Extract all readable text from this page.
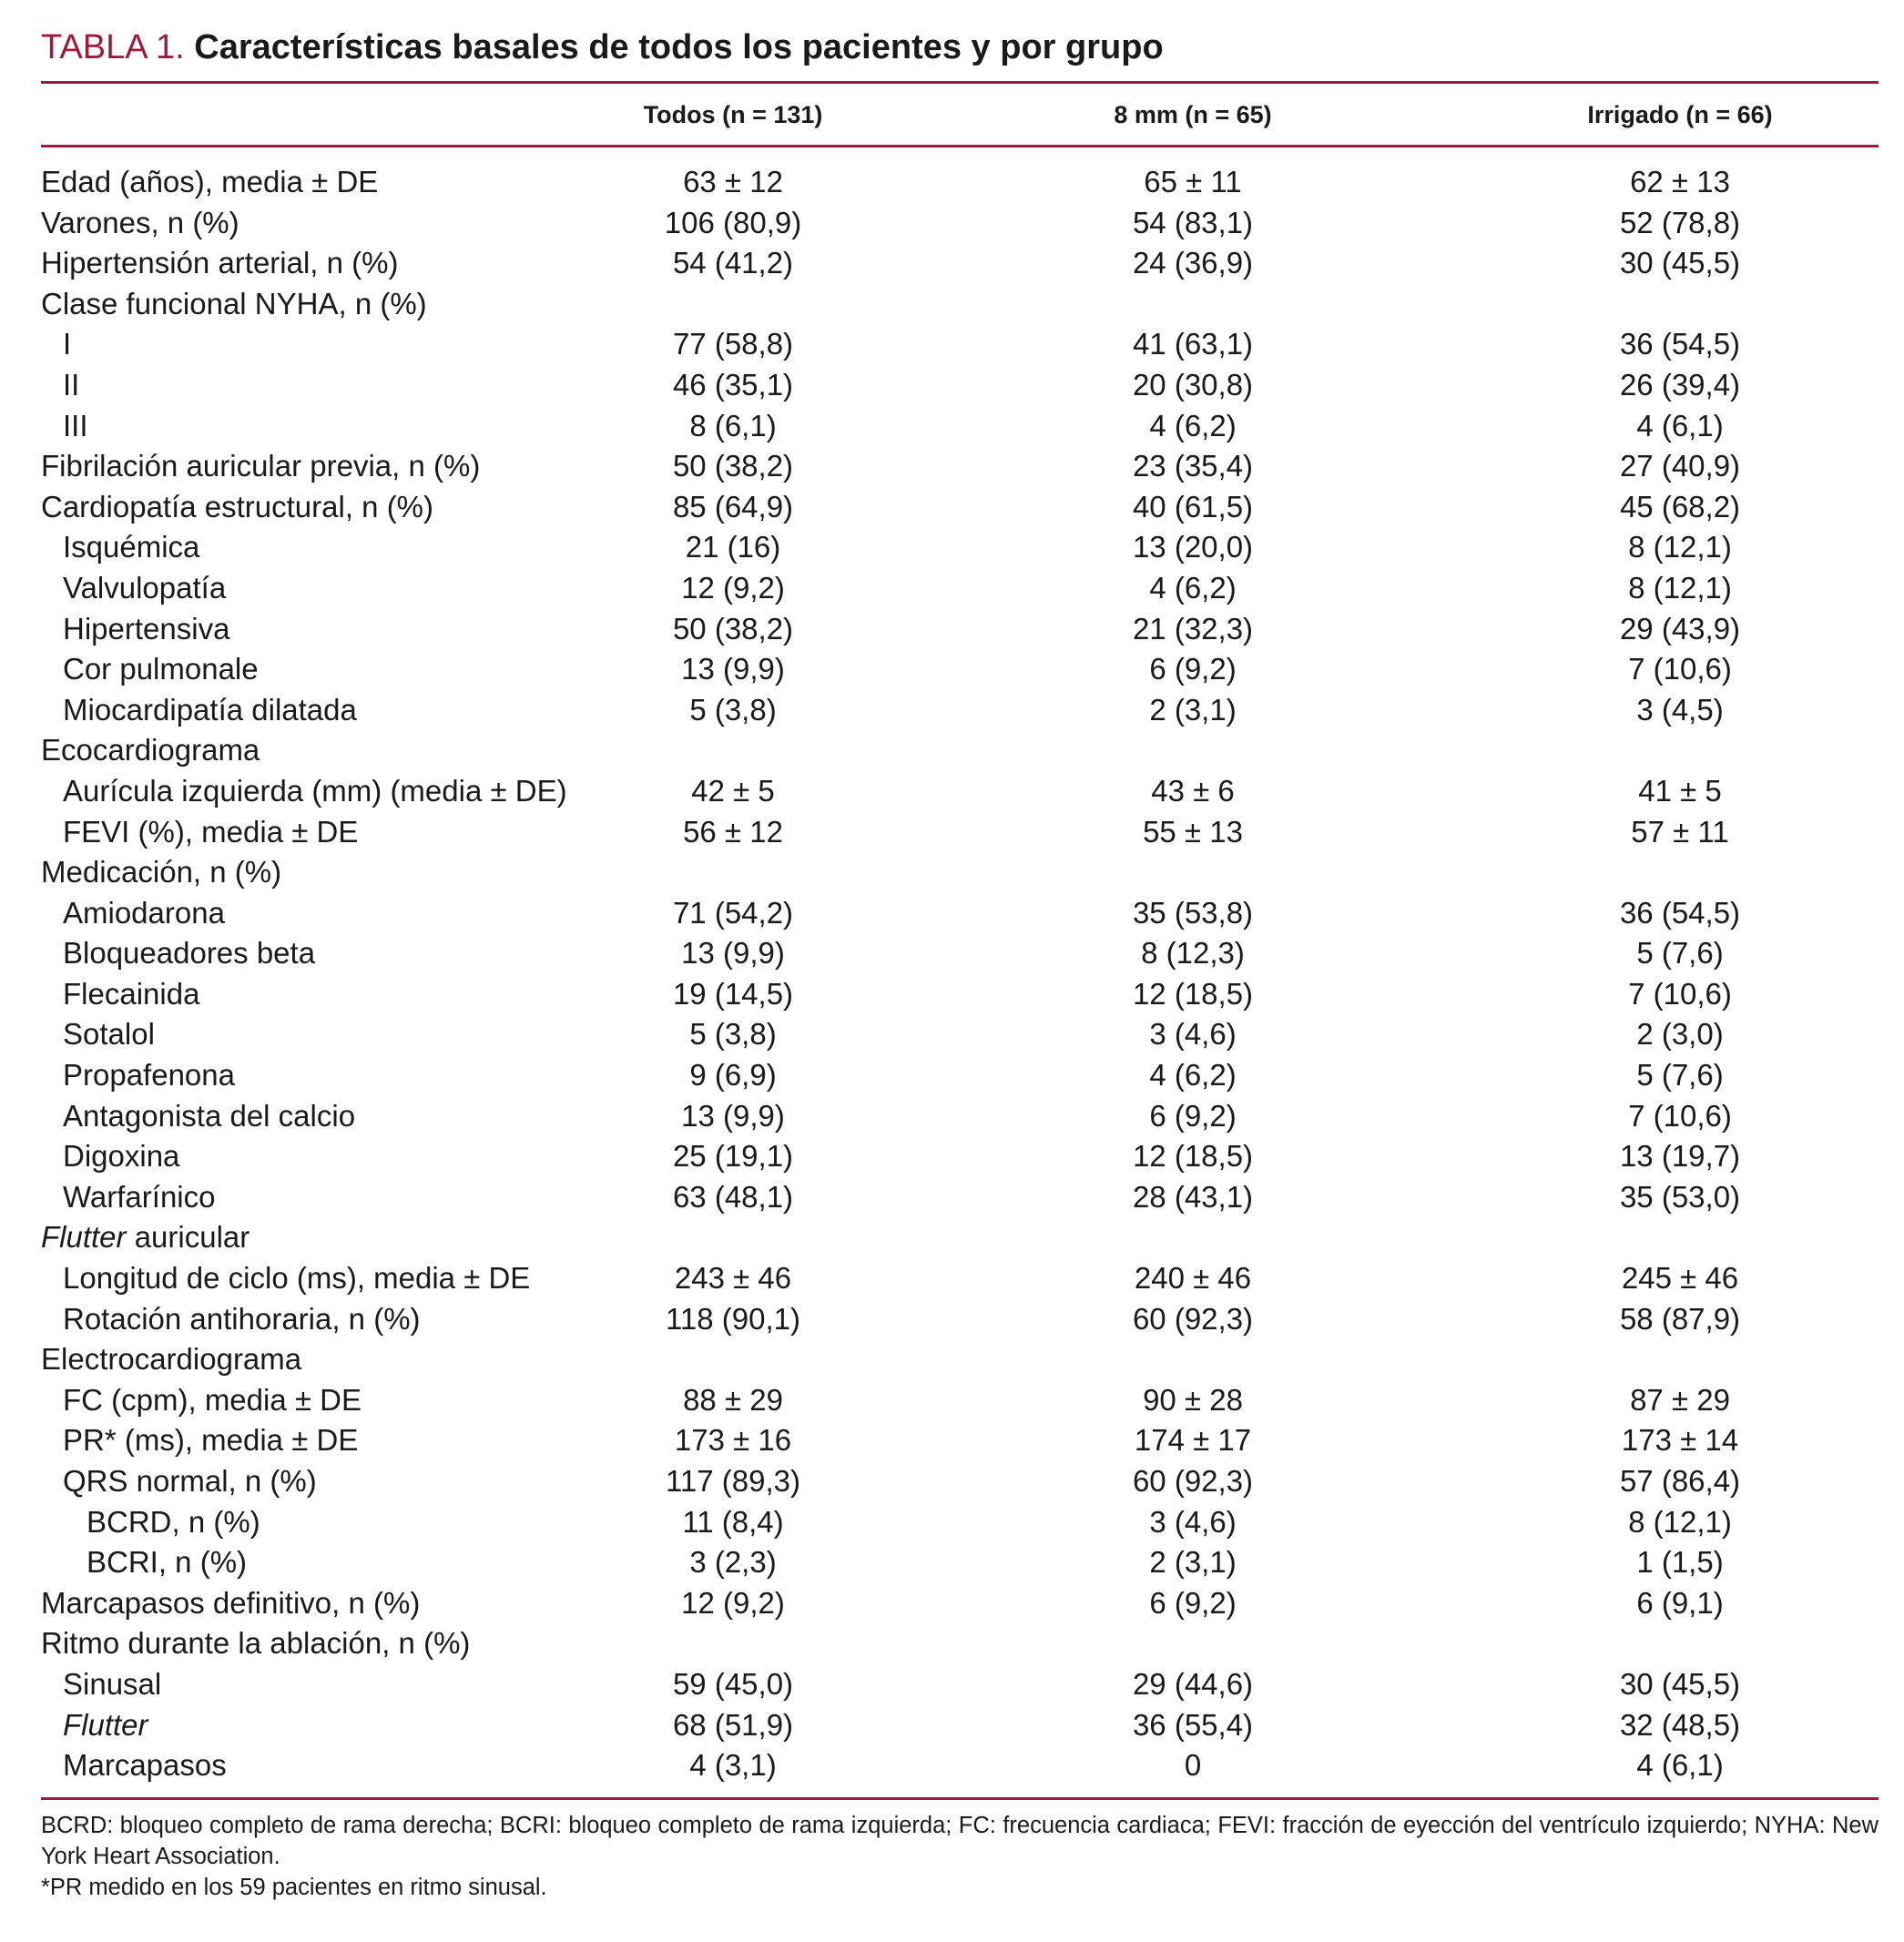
TABLA 1. Características basales de todos los pacientes y por grupo
Todos (n = 131)	8 mm (n = 65)	Irrigado (n = 66)
Edad (años), media ± DE	63 ± 12	65 ± 11	62 ± 13
Varones, n (%)	106 (80,9)	54 (83,1)	52 (78,8)
Hipertensión arterial, n (%)	54 (41,2)	24 (36,9)	30 (45,5)
Clase funcional NYHA, n (%)
I	77 (58,8)	41 (63,1)	36 (54,5)
II	46 (35,1)	20 (30,8)	26 (39,4)
III	8 (6,1)	4 (6,2)	4 (6,1)
Fibrilación auricular previa, n (%)	50 (38,2)	23 (35,4)	27 (40,9)
Cardiopatía estructural, n (%)	85 (64,9)	40 (61,5)	45 (68,2)
Isquémica	21 (16)	13 (20,0)	8 (12,1)
Valvulopatía	12 (9,2)	4 (6,2)	8 (12,1)
Hipertensiva	50 (38,2)	21 (32,3)	29 (43,9)
Cor pulmonale	13 (9,9)	6 (9,2)	7 (10,6)
Miocardipatía dilatada	5 (3,8)	2 (3,1)	3 (4,5)
Ecocardiograma
Aurícula izquierda (mm) (media ± DE)	42 ± 5	43 ± 6	41 ± 5
FEVI (%), media ± DE	56 ± 12	55 ± 13	57 ± 11
Medicación, n (%)
Amiodarona	71 (54,2)	35 (53,8)	36 (54,5)
Bloqueadores beta	13 (9,9)	8 (12,3)	5 (7,6)
Flecainida	19 (14,5)	12 (18,5)	7 (10,6)
Sotalol	5 (3,8)	3 (4,6)	2 (3,0)
Propafenona	9 (6,9)	4 (6,2)	5 (7,6)
Antagonista del calcio	13 (9,9)	6 (9,2)	7 (10,6)
Digoxina	25 (19,1)	12 (18,5)	13 (19,7)
Warfarínico	63 (48,1)	28 (43,1)	35 (53,0)
Flutter auricular
Longitud de ciclo (ms), media ± DE	243 ± 46	240 ± 46	245 ± 46
Rotación antihoraria, n (%)	118 (90,1)	60 (92,3)	58 (87,9)
Electrocardiograma
FC (cpm), media ± DE	88 ± 29	90 ± 28	87 ± 29
PR* (ms), media ± DE	173 ± 16	174 ± 17	173 ± 14
QRS normal, n (%)	117 (89,3)	60 (92,3)	57 (86,4)
BCRD, n (%)	11 (8,4)	3 (4,6)	8 (12,1)
BCRI, n (%)	3 (2,3)	2 (3,1)	1 (1,5)
Marcapasos definitivo, n (%)	12 (9,2)	6 (9,2)	6 (9,1)
Ritmo durante la ablación, n (%)
Sinusal	59 (45,0)	29 (44,6)	30 (45,5)
Flutter	68 (51,9)	36 (55,4)	32 (48,5)
Marcapasos	4 (3,1)	0	4 (6,1)

BCRD: bloqueo completo de rama derecha; BCRI: bloqueo completo de rama izquierda; FC: frecuencia cardiaca; FEVI: fracción de eyección del ventrículo izquierdo; NYHA: New York Heart Association.

*PR medido en los 59 pacientes en ritmo sinusal.
